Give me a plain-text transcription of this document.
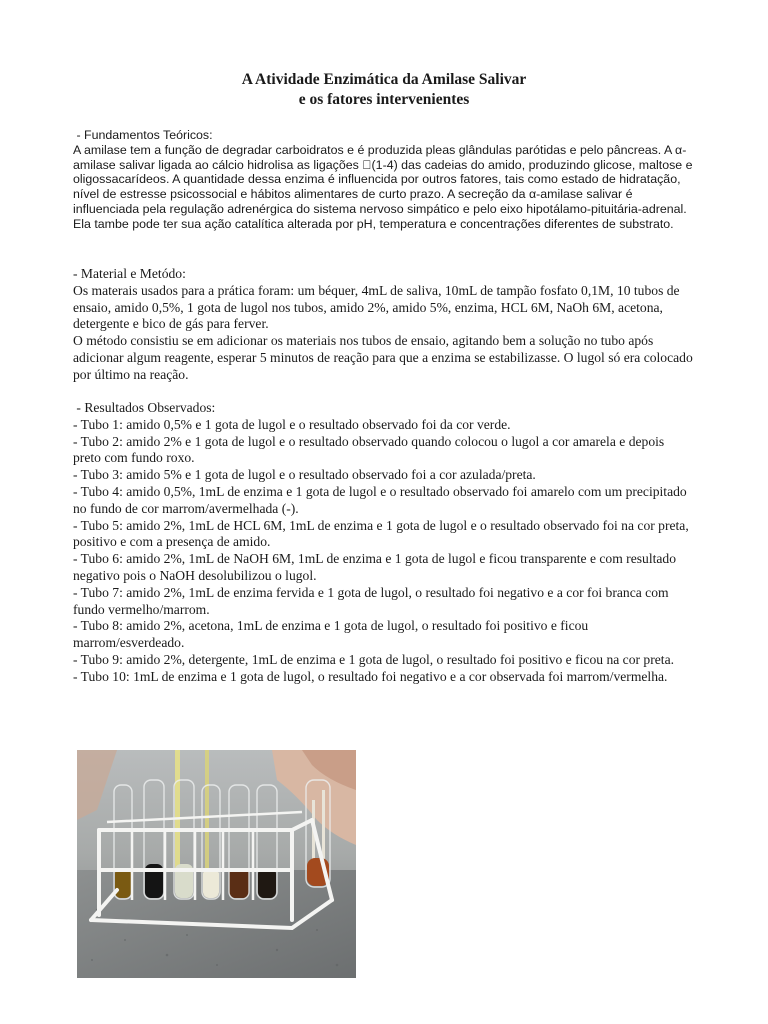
A Atividade Enzimática da Amilase Salivar
e os fatores intervenientes

- Fundamentos Teóricos:

A amilase tem a função de degradar carboidratos e é produzida pleas glândulas parótidas e pelo pâncreas. A α-amilase salivar ligada ao cálcio hidrolisa as ligações  (1-4) das cadeias do amido, produzindo glicose, maltose e oligossacarídeos. A quantidade dessa enzima é influencida por outros fatores, tais como estado de hidratação, nível de estresse psicossocial e hábitos alimentares de curto prazo. A secreção da α-amilase salivar é influenciada pela regulação adrenérgica do sistema nervoso simpático e pelo eixo hipotálamo-pituitária-adrenal.

Ela tambe pode ter sua ação catalítica alterada por pH, temperatura e concentrações diferentes de substrato.

- Material e Metódo:

Os materais usados para a prática foram: um béquer, 4mL de saliva, 10mL de tampão fosfato 0,1M, 10 tubos de ensaio, amido 0,5%, 1 gota de lugol nos tubos, amido 2%, amido 5%, enzima, HCL 6M, NaOh 6M, acetona, detergente e bico de gás para ferver.

O método consistiu se em adicionar os materiais nos tubos de ensaio, agitando bem a solução no tubo após adicionar algum reagente, esperar 5 minutos de reação para que a enzima se estabilizasse. O lugol só era colocado por último na reação.

- Resultados Observados:

- Tubo 1: amido 0,5% e 1 gota de lugol e o resultado observado foi da cor verde.

- Tubo 2: amido 2% e 1 gota de lugol e o resultado observado quando colocou o lugol a cor amarela e depois preto com fundo roxo.

- Tubo 3: amido 5% e 1 gota de lugol e o resultado observado foi a cor azulada/preta.

- Tubo 4: amido 0,5%, 1mL de enzima e 1 gota de lugol e o resultado observado foi amarelo com um precipitado no fundo de cor marrom/avermelhada (-).

- Tubo 5: amido 2%, 1mL de HCL 6M, 1mL de enzima e 1 gota de lugol e o resultado observado foi na cor preta, positivo e com a presença de amido.

- Tubo 6: amido 2%, 1mL de NaOH 6M, 1mL de enzima e 1 gota de lugol e ficou transparente e com resultado negativo pois o NaOH desolubilizou o lugol.

- Tubo 7: amido 2%, 1mL de enzima fervida e 1 gota de lugol, o resultado foi negativo e a cor foi branca com fundo vermelho/marrom.

- Tubo 8: amido 2%, acetona, 1mL de enzima e 1 gota de lugol, o resultado foi positivo e ficou marrom/esverdeado.

- Tubo 9: amido 2%, detergente, 1mL de enzima e 1 gota de lugol, o resultado foi positivo e ficou na cor preta.

- Tubo 10: 1mL de enzima e 1 gota de lugol, o resultado foi negativo e a cor observada foi marrom/vermelha.
